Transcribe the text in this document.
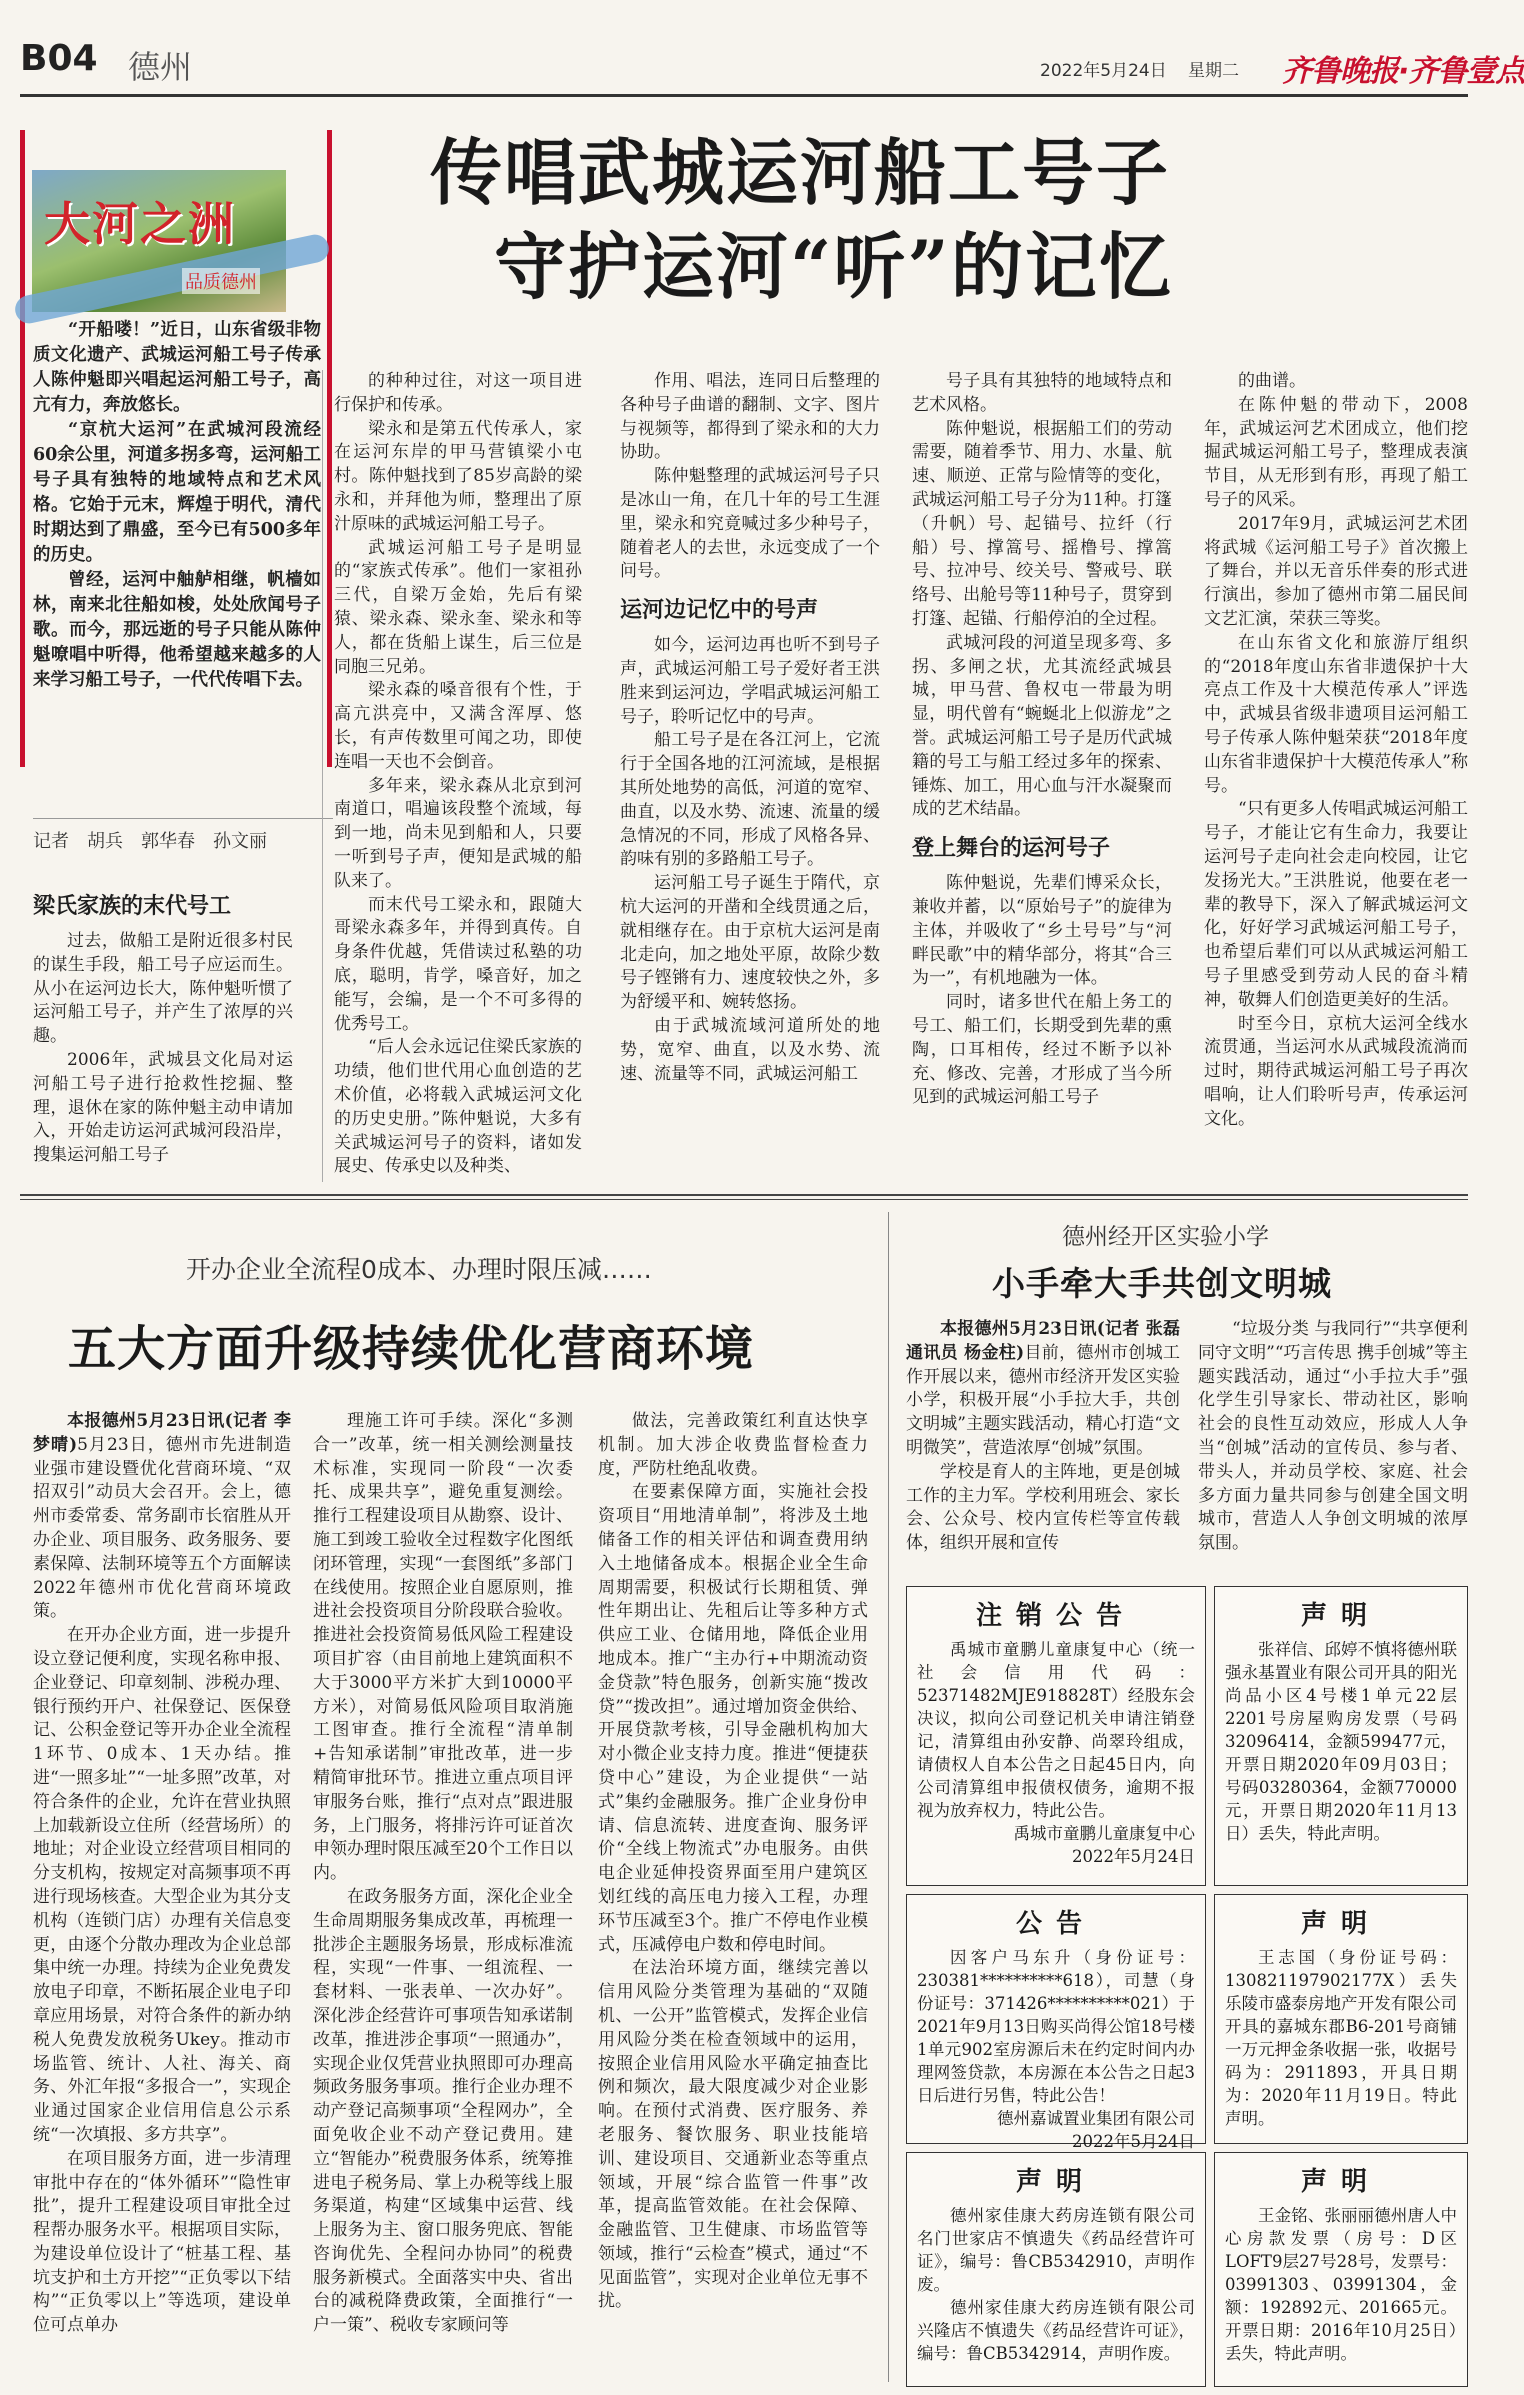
B04 德州	2022年5月24日 星期二 齐鲁晚报·齐鲁壹点
大河之洲
品质德州

“开船喽！”近日，山东省级非物质文化遗产、武城运河船工号子传承人陈仲魁即兴唱起运河船工号子，高亢有力，奔放悠长。

“京杭大运河”在武城河段流经60余公里，河道多拐多弯，运河船工号子具有独特的地域特点和艺术风格。它始于元末，辉煌于明代，清代时期达到了鼎盛，至今已有500多年的历史。

曾经，运河中舳舻相继，帆樯如林，南来北往船如梭，处处欣闻号子歌。而今，那远逝的号子只能从陈仲魁嘹唱中听得，他希望越来越多的人来学习船工号子，一代代传唱下去。

记者　胡兵　郭华春　孙文丽
传唱武城运河船工号子
守护运河“听”的记忆
梁氏家族的末代号工

过去，做船工是附近很多村民的谋生手段，船工号子应运而生。从小在运河边长大，陈仲魁听惯了运河船工号子，并产生了浓厚的兴趣。

2006年，武城县文化局对运河船工号子进行抢救性挖掘、整理，退休在家的陈仲魁主动申请加入，开始走访运河武城河段沿岸，搜集运河船工号子

的种种过往，对这一项目进行保护和传承。

梁永和是第五代传承人，家在运河东岸的甲马营镇梁小屯村。陈仲魁找到了85岁高龄的梁永和，并拜他为师，整理出了原汁原味的武城运河船工号子。

武城运河船工号子是明显的“家族式传承”。他们一家祖孙三代，自梁万金始，先后有梁猿、梁永森、梁永奎、梁永和等人，都在货船上谋生，后三位是同胞三兄弟。

梁永森的嗓音很有个性，于高亢洪亮中，又满含浑厚、悠长，有声传数里可闻之功，即使连唱一天也不会倒音。

多年来，梁永森从北京到河南道口，唱遍该段整个流域，每到一地，尚未见到船和人，只要一听到号子声，便知是武城的船队来了。

而末代号工梁永和，跟随大哥梁永森多年，并得到真传。自身条件优越，凭借读过私塾的功底，聪明，肯学，嗓音好，加之能写，会编，是一个不可多得的优秀号工。

“后人会永远记住梁氏家族的功绩，他们世代用心血创造的艺术价值，必将载入武城运河文化的历史史册。”陈仲魁说，大多有关武城运河号子的资料，诸如发展史、传承史以及种类、

作用、唱法，连同日后整理的各种号子曲谱的翻制、文字、图片与视频等，都得到了梁永和的大力协助。

陈仲魁整理的武城运河号子只是冰山一角，在几十年的号工生涯里，梁永和究竟喊过多少种号子，随着老人的去世，永远变成了一个问号。

运河边记忆中的号声

如今，运河边再也听不到号子声，武城运河船工号子爱好者王洪胜来到运河边，学唱武城运河船工号子，聆听记忆中的号声。

船工号子是在各江河上，它流行于全国各地的江河流域，是根据其所处地势的高低，河道的宽窄、曲直，以及水势、流速、流量的缓急情况的不同，形成了风格各异、韵味有别的多路船工号子。

运河船工号子诞生于隋代，京杭大运河的开凿和全线贯通之后，就相继存在。由于京杭大运河是南北走向，加之地处平原，故除少数号子铿锵有力、速度较快之外，多为舒缓平和、婉转悠扬。

由于武城流域河道所处的地势，宽窄、曲直，以及水势、流速、流量等不同，武城运河船工

号子具有其独特的地域特点和艺术风格。

陈仲魁说，根据船工们的劳动需要，随着季节、用力、水量、航速、顺逆、正常与险情等的变化，武城运河船工号子分为11种。打篷（升帆）号、起锚号、拉纤（行船）号、撑篙号、摇橹号、撑篙号、拉冲号、绞关号、警戒号、联络号、出舱号等11种号子，贯穿到打篷、起锚、行船停泊的全过程。

武城河段的河道呈现多弯、多拐、多闸之状，尤其流经武城县城，甲马营、鲁权屯一带最为明显，明代曾有“蜿蜒北上似游龙”之誉。武城运河船工号子是历代武城籍的号工与船工经过多年的探索、锤炼、加工，用心血与汗水凝聚而成的艺术结晶。

登上舞台的运河号子

陈仲魁说，先辈们博采众长，兼收并蓄，以“原始号子”的旋律为主体，并吸收了“乡土号号”与“河畔民歌”中的精华部分，将其“合三为一”，有机地融为一体。

同时，诸多世代在船上务工的号工、船工们，长期受到先辈的熏陶，口耳相传，经过不断予以补充、修改、完善，才形成了当今所见到的武城运河船工号子

的曲谱。

在陈仲魁的带动下，2008年，武城运河艺术团成立，他们挖掘武城运河船工号子，整理成表演节目，从无形到有形，再现了船工号子的风采。

2017年9月，武城运河艺术团将武城《运河船工号子》首次搬上了舞台，并以无音乐伴奏的形式进行演出，参加了德州市第二届民间文艺汇演，荣获三等奖。

在山东省文化和旅游厅组织的“2018年度山东省非遗保护十大亮点工作及十大模范传承人”评选中，武城县省级非遗项目运河船工号子传承人陈仲魁荣获“2018年度山东省非遗保护十大模范传承人”称号。

“只有更多人传唱武城运河船工号子，才能让它有生命力，我要让运河号子走向社会走向校园，让它发扬光大。”王洪胜说，他要在老一辈的教导下，深入了解武城运河文化，好好学习武城运河船工号子，也希望后辈们可以从武城运河船工号子里感受到劳动人民的奋斗精神，敬舞人们创造更美好的生活。

时至今日，京杭大运河全线水流贯通，当运河水从武城段流淌而过时，期待武城运河船工号子再次唱响，让人们聆听号声，传承运河文化。

开办企业全流程0成本、办理时限压减……
五大方面升级持续优化营商环境

本报德州5月23日讯(记者 李梦晴)5月23日，德州市先进制造业强市建设暨优化营商环境、“双招双引”动员大会召开。会上，德州市委常委、常务副市长宿胜从开办企业、项目服务、政务服务、要素保障、法制环境等五个方面解读2022年德州市优化营商环境政策。

在开办企业方面，进一步提升设立登记便利度，实现名称申报、企业登记、印章刻制、涉税办理、银行预约开户、社保登记、医保登记、公积金登记等开办企业全流程1环节、0成本、1天办结。推进“一照多址”“一址多照”改革，对符合条件的企业，允许在营业执照上加载新设立住所（经营场所）的地址；对企业设立经营项目相同的分支机构，按规定对高频事项不再进行现场核查。大型企业为其分支机构（连锁门店）办理有关信息变更，由逐个分散办理改为企业总部集中统一办理。持续为企业免费发放电子印章，不断拓展企业电子印章应用场景，对符合条件的新办纳税人免费发放税务Ukey。推动市场监管、统计、人社、海关、商务、外汇年报“多报合一”，实现企业通过国家企业信用信息公示系统“一次填报、多方共享”。

在项目服务方面，进一步清理审批中存在的“体外循环”“隐性审批”，提升工程建设项目审批全过程帮办服务水平。根据项目实际，为建设单位设计了“桩基工程、基坑支护和土方开挖”“正负零以下结构”“正负零以上”等选项，建设单位可点单办

理施工许可手续。深化“多测合一”改革，统一相关测绘测量技术标准，实现同一阶段“一次委托、成果共享”，避免重复测绘。推行工程建设项目从勘察、设计、施工到竣工验收全过程数字化图纸闭环管理，实现“一套图纸”多部门在线使用。按照企业自愿原则，推进社会投资项目分阶段联合验收。推进社会投资简易低风险工程建设项目扩容（由目前地上建筑面积不大于3000平方米扩大到10000平方米），对简易低风险项目取消施工图审查。推行全流程“清单制+告知承诺制”审批改革，进一步精简审批环节。推进立重点项目评审服务台账，推行“点对点”跟进服务，上门服务，将排污许可证首次申领办理时限压减至20个工作日以内。

在政务服务方面，深化企业全生命周期服务集成改革，再梳理一批涉企主题服务场景，形成标准流程，实现“一件事、一组流程、一套材料、一张表单、一次办好”。深化涉企经营许可事项告知承诺制改革，推进涉企事项“一照通办”，实现企业仅凭营业执照即可办理高频政务服务事项。推行企业办理不动产登记高频事项“全程网办”，全面免收企业不动产登记费用。建立“智能办”税费服务体系，统筹推进电子税务局、掌上办税等线上服务渠道，构建“区域集中运营、线上服务为主、窗口服务兜底、智能咨询优先、全程问办协同”的税费服务新模式。全面落实中央、省出台的减税降费政策，全面推行“一户一策”、税收专家顾问等

做法，完善政策红利直达快享机制。加大涉企收费监督检查力度，严防杜绝乱收费。

在要素保障方面，实施社会投资项目“用地清单制”，将涉及土地储备工作的相关评估和调查费用纳入土地储备成本。根据企业全生命周期需要，积极试行长期租赁、弹性年期出让、先租后让等多种方式供应工业、仓储用地，降低企业用地成本。推广“主办行+中期流动资金贷款”特色服务，创新实施“拨改贷”“拨改担”。通过增加资金供给、开展贷款考核，引导金融机构加大对小微企业支持力度。推进“便捷获贷中心”建设，为企业提供“一站式”集约金融服务。推广企业身份申请、信息流转、进度查询、服务评价“全线上物流式”办电服务。由供电企业延伸投资界面至用户建筑区划红线的高压电力接入工程，办理环节压减至3个。推广不停电作业模式，压减停电户数和停电时间。

在法治环境方面，继续完善以信用风险分类管理为基础的“双随机、一公开”监管模式，发挥企业信用风险分类在检查领域中的运用，按照企业信用风险水平确定抽查比例和频次，最大限度减少对企业影响。在预付式消费、医疗服务、养老服务、餐饮服务、职业技能培训、建设项目、交通新业态等重点领域，开展“综合监管一件事”改革，提高监管效能。在社会保障、金融监管、卫生健康、市场监管等领域，推行“云检查”模式，通过“不见面监管”，实现对企业单位无事不扰。

德州经开区实验小学
小手牵大手共创文明城

本报德州5月23日讯(记者 张磊 通讯员 杨金柱)目前，德州市创城工作开展以来，德州市经济开发区实验小学，积极开展“小手拉大手，共创文明城”主题实践活动，精心打造“文明微笑”，营造浓厚“创城”氛围。

学校是育人的主阵地，更是创城工作的主力军。学校利用班会、家长会、公众号、校内宣传栏等宣传载体，组织开展和宣传

“垃圾分类 与我同行”“共享便利 同守文明”“巧言传思 携手创城”等主题实践活动，通过“小手拉大手”强化学生引导家长、带动社区，影响社会的良性互动效应，形成人人争当“创城”活动的宣传员、参与者、带头人，并动员学校、家庭、社会多方面力量共同参与创建全国文明城市，营造人人争创文明城的浓厚氛围。

注销公告
禹城市童鹏儿童康复中心（统一社会信用代码：52371482MJE918828T）经股东会决议，拟向公司登记机关申请注销登记，清算组由孙安静、尚翠玲组成，请债权人自本公告之日起45日内，向公司清算组申报债权债务，逾期不报视为放弃权力，特此公告。
禹城市童鹏儿童康复中心
2022年5月24日
声明
张祥信、邱婷不慎将德州联强永基置业有限公司开具的阳光尚品小区4号楼1单元22层2201号房屋购房发票（号码32096414，金额599477元，开票日期2020年09月03日；号码03280364，金额770000元，开票日期2020年11月13日）丢失，特此声明。
公告
因客户马东升（身份证号：230381**********618），司慧（身份证号：371426**********021）于2021年9月13日购买尚得公馆18号楼1单元902室房源后未在约定时间内办理网签贷款，本房源在本公告之日起3日后进行另售，特此公告！
德州嘉诚置业集团有限公司
2022年5月24日
声明
王志国（身份证号码：130821197902177X）丢失乐陵市盛泰房地产开发有限公司开具的嘉城东郡B6-201号商铺一万元押金条收据一张，收据号码为：2911893，开具日期为：2020年11月19日。特此声明。
声明
德州家佳康大药房连锁有限公司名门世家店不慎遗失《药品经营许可证》，编号：鲁CB5342910，声明作废。
德州家佳康大药房连锁有限公司兴隆店不慎遗失《药品经营许可证》，编号：鲁CB5342914，声明作废。
声明
王金铭、张丽丽德州唐人中心房款发票（房号：D区LOFT9层27号28号，发票号：03991303、03991304，金额：192892元、201665元。开票日期：2016年10月25日）丢失，特此声明。
